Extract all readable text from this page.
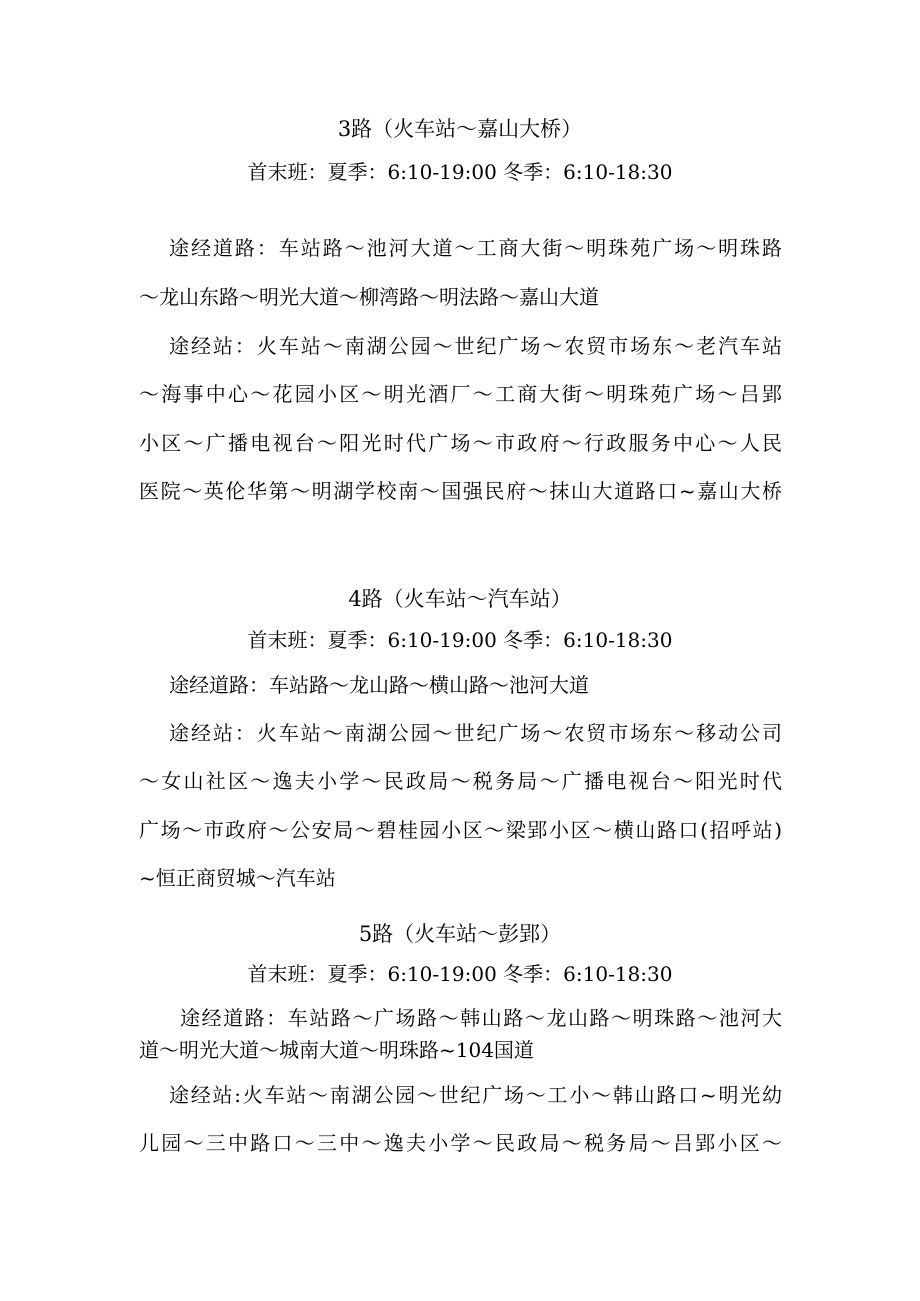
3路（火车站～嘉山大桥）
首末班：夏季：6:10-19:00 冬季：6:10-18:30
途经道路：车站路～池河大道～工商大街～明珠苑广场～明珠路
～龙山东路～明光大道～柳湾路～明法路～嘉山大道
途经站：火车站～南湖公园～世纪广场～农贸市场东～老汽车站
～海事中心～花园小区～明光酒厂～工商大街～明珠苑广场～吕郢
小区～广播电视台～阳光时代广场～市政府～行政服务中心～人民
医院～英伦华第～明湖学校南～国强民府～抹山大道路口~嘉山大桥
4路（火车站～汽车站）
首末班：夏季：6:10-19:00 冬季：6:10-18:30
途经道路：车站路～龙山路～横山路～池河大道
途经站：火车站～南湖公园～世纪广场～农贸市场东～移动公司
～女山社区～逸夫小学～民政局～税务局～广播电视台～阳光时代
广场～市政府～公安局～碧桂园小区～梁郢小区～横山路口(招呼站)
~恒正商贸城～汽车站
5路（火车站～彭郢）
首末班：夏季：6:10-19:00 冬季：6:10-18:30
途经道路：车站路～广场路～韩山路～龙山路～明珠路～池河大
道～明光大道～城南大道～明珠路~104国道
途经站:火车站～南湖公园～世纪广场～工小～韩山路口~明光幼
儿园～三中路口～三中～逸夫小学～民政局～税务局～吕郢小区～
